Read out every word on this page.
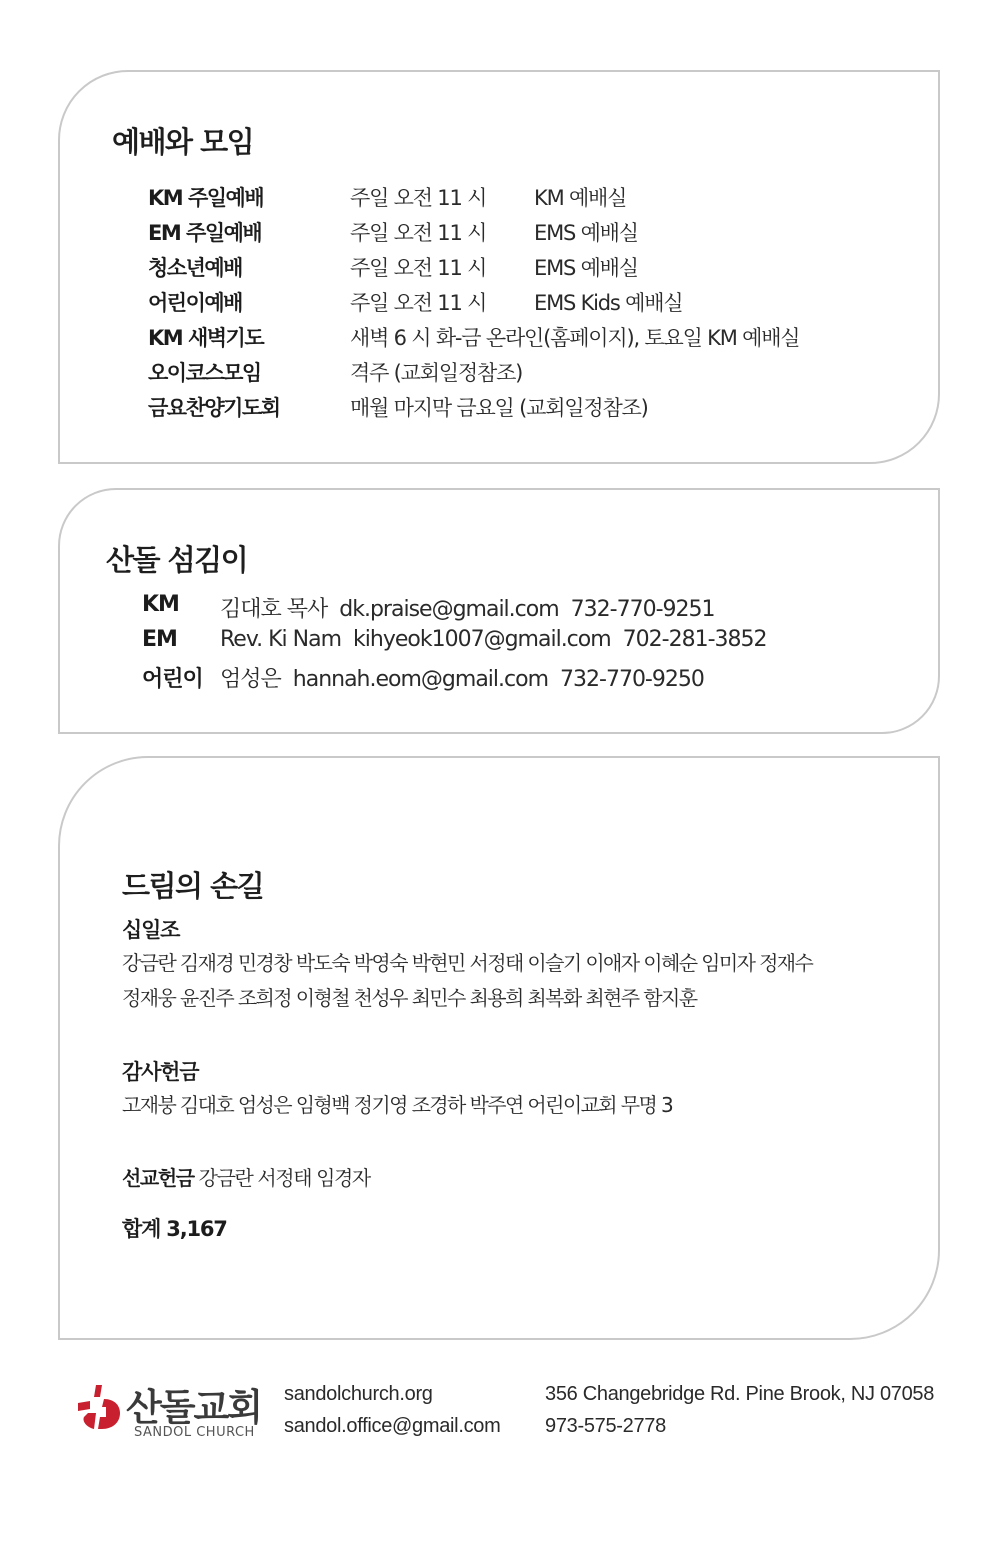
예배와 모임
KM 주일예배	주일 오전 11 시 KM 예배실
EM 주일예배	주일 오전 11 시 EMS 예배실
청소년예배	주일 오전 11 시 EMS 예배실
어린이예배	주일 오전 11 시 EMS Kids 예배실
KM 새벽기도	새벽 6 시 화-금 온라인(홈페이지), 토요일 KM 예배실
오이코스모임	격주 (교회일정참조)
금요찬양기도회	매월 마지막 금요일 (교회일정참조)
산돌 섬김이
KM 김대호 목사 dk.praise@gmail.com 732-770-9251
EM Rev. Ki Nam kihyeok1007@gmail.com 702-281-3852
어린이 엄성은 hannah.eom@gmail.com 732-770-9250
드림의 손길
십일조

강금란 김재경 민경창 박도숙 박영숙 박현민 서정태 이슬기 이애자 이혜순 임미자 정재수

정재웅 윤진주 조희정 이형철 천성우 최민수 최용희 최복화 최현주 함지훈

감사헌금

고재붕 김대호 엄성은 임형백 정기영 조경하 박주연 어린이교회 무명 3

선교헌금 강금란 서정태 임경자
합계 3,167
산돌교회
SANDOL CHURCH
sandolchurch.org
sandol.office@gmail.com
356 Changebridge Rd. Pine Brook, NJ 07058
973-575-2778
